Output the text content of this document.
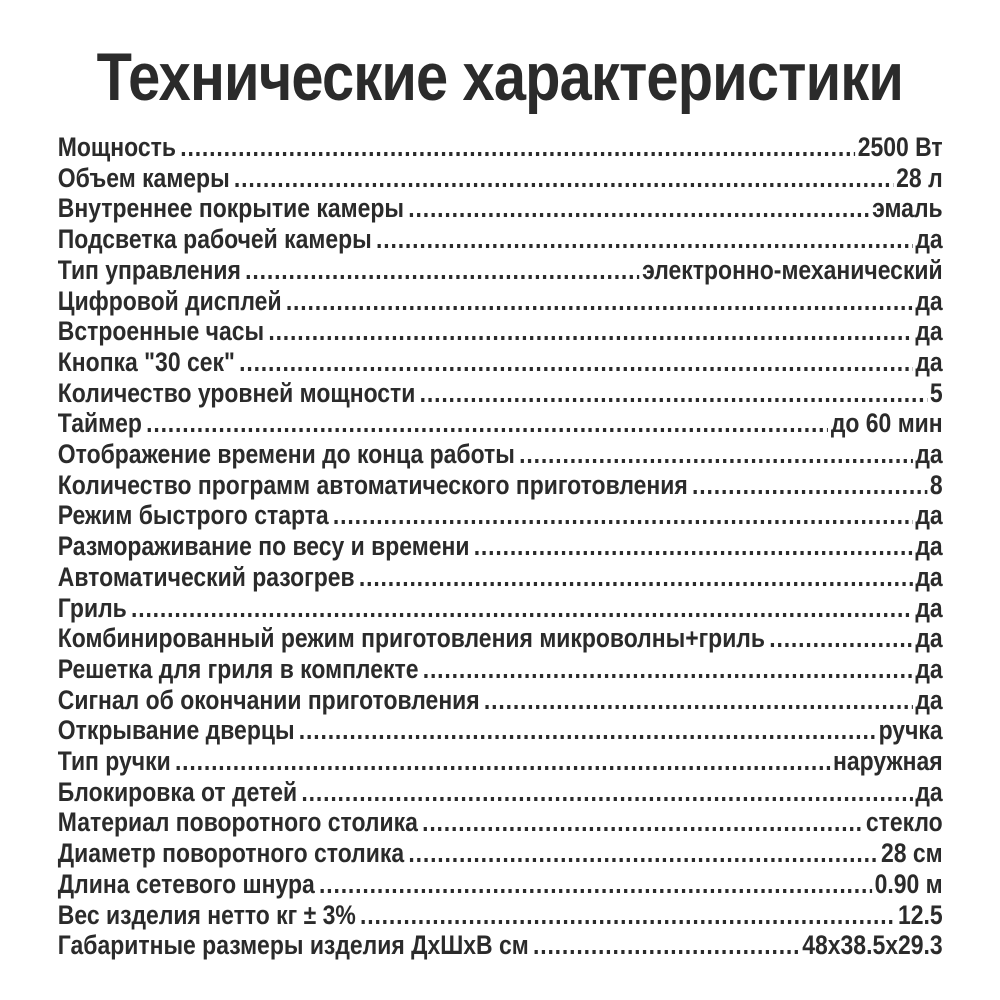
Технические характеристики
Мощность .....	2500 Вт
Объем камеры .....	28 л
Внутреннее покрытие камеры .....	эмаль
Подсветка рабочей камеры .....	да
Тип управления .....	электронно-механический
Цифровой дисплей .....	да
Встроенные часы .....	да
Кнопка "30 сек" .....	да
Количество уровней мощности .....	5
Таймер .....	до 60 мин
Отображение времени до конца работы .....	да
Количество программ автоматического приготовления .....	8
Режим быстрого старта .....	да
Размораживание по весу и времени .....	да
Автоматический разогрев .....	да
Гриль .....	да
Комбинированный режим приготовления микроволны+гриль .....	да
Решетка для гриля в комплекте .....	да
Сигнал об окончании приготовления .....	да
Открывание дверцы .....	ручка
Тип ручки .....	наружная
Блокировка от детей .....	да
Материал поворотного столика .....	стекло
Диаметр поворотного столика .....	28 см
Длина сетевого шнура .....	0.90 м
Вес изделия нетто кг ± 3% .....	12.5
Габаритные размеры изделия ДхШхВ см .....	48х38.5х29.3
